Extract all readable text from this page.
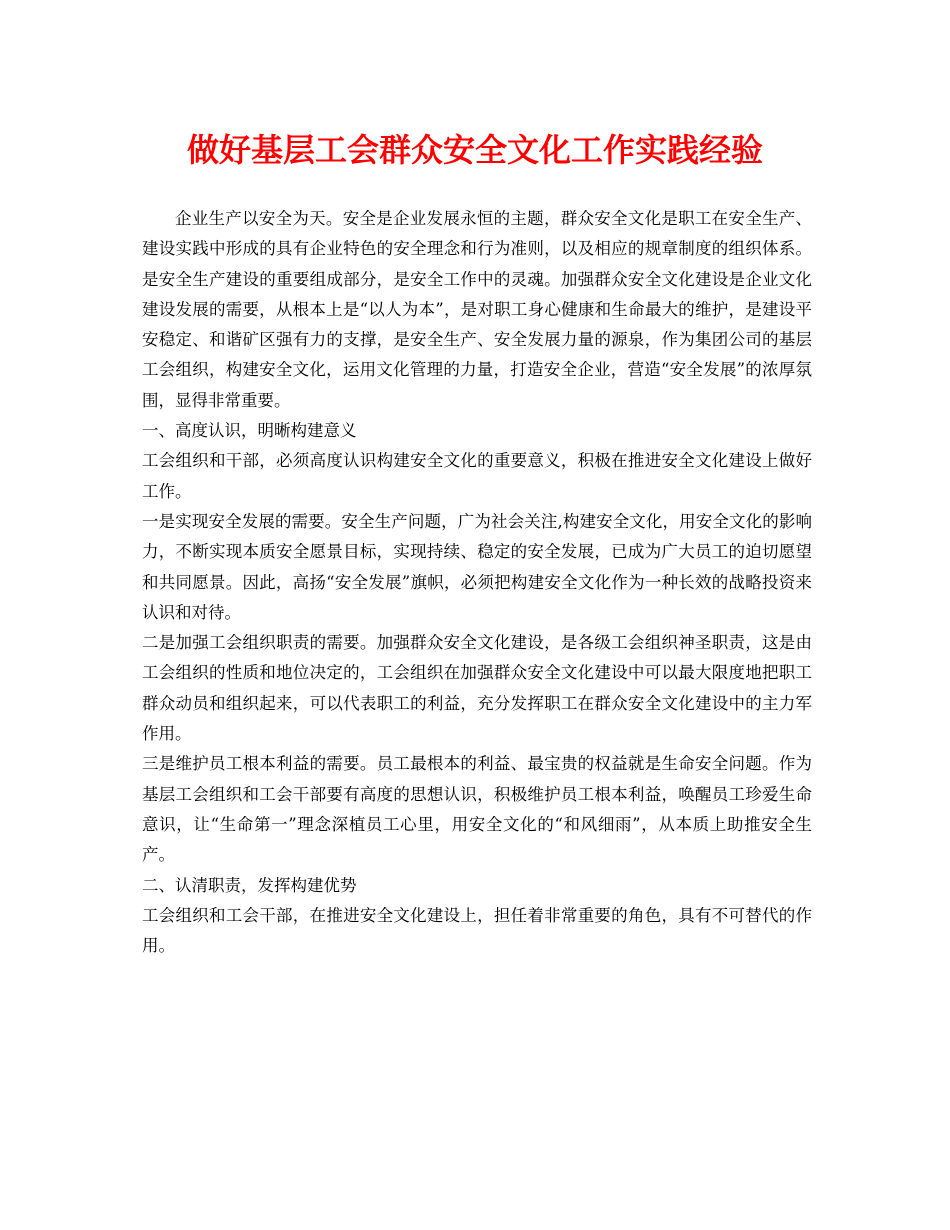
做好基层工会群众安全文化工作实践经验

企业生产以安全为天。安全是企业发展永恒的主题，群众安全文化是职工在安全生产、建设实践中形成的具有企业特色的安全理念和行为准则，以及相应的规章制度的组织体系。是安全生产建设的重要组成部分，是安全工作中的灵魂。加强群众安全文化建设是企业文化建设发展的需要，从根本上是“以人为本”，是对职工身心健康和生命最大的维护，是建设平安稳定、和谐矿区强有力的支撑，是安全生产、安全发展力量的源泉，作为集团公司的基层工会组织，构建安全文化，运用文化管理的力量，打造安全企业，营造“安全发展”的浓厚氛围，显得非常重要。

一、高度认识，明晰构建意义

工会组织和干部，必须高度认识构建安全文化的重要意义，积极在推进安全文化建设上做好工作。

一是实现安全发展的需要。安全生产问题，广为社会关注,构建安全文化，用安全文化的影响力，不断实现本质安全愿景目标，实现持续、稳定的安全发展，已成为广大员工的迫切愿望和共同愿景。因此，高扬“安全发展”旗帜，必须把构建安全文化作为一种长效的战略投资来认识和对待。

二是加强工会组织职责的需要。加强群众安全文化建设，是各级工会组织神圣职责，这是由工会组织的性质和地位决定的，工会组织在加强群众安全文化建设中可以最大限度地把职工群众动员和组织起来，可以代表职工的利益，充分发挥职工在群众安全文化建设中的主力军作用。

三是维护员工根本利益的需要。员工最根本的利益、最宝贵的权益就是生命安全问题。作为基层工会组织和工会干部要有高度的思想认识，积极维护员工根本利益，唤醒员工珍爱生命意识，让“生命第一”理念深植员工心里，用安全文化的“和风细雨”，从本质上助推安全生产。

二、认清职责，发挥构建优势

工会组织和工会干部，在推进安全文化建设上，担任着非常重要的角色，具有不可替代的作用。
